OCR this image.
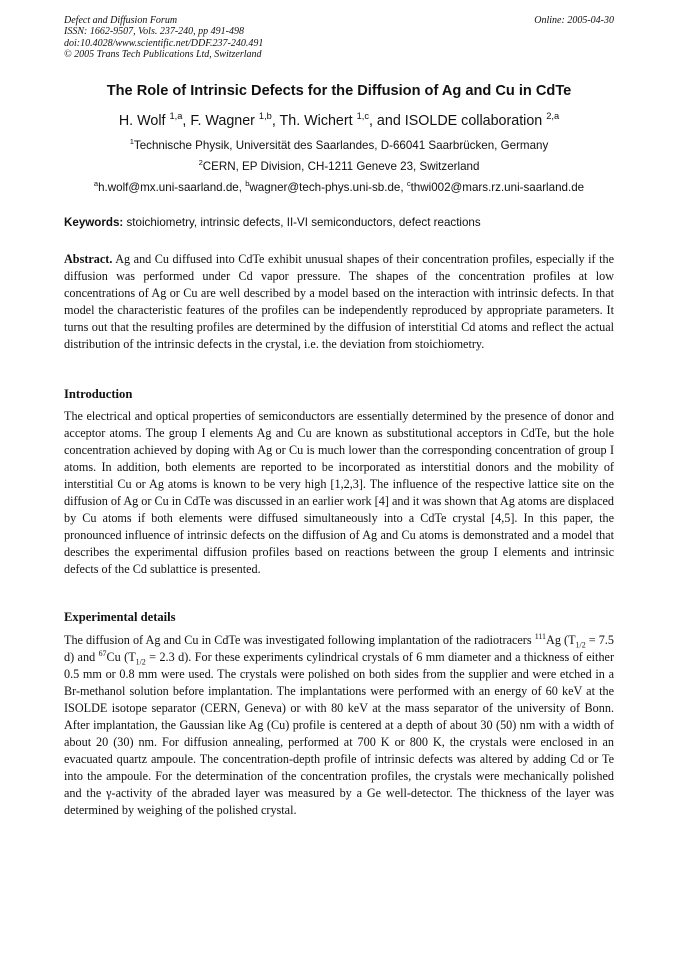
Defect and Diffusion Forum
ISSN: 1662-9507, Vols. 237-240, pp 491-498
doi:10.4028/www.scientific.net/DDF.237-240.491
© 2005 Trans Tech Publications Ltd, Switzerland
Online: 2005-04-30
The Role of Intrinsic Defects for the Diffusion of Ag and Cu in CdTe
H. Wolf $^{1,a}$, F. Wagner $^{1,b}$, Th. Wichert $^{1,c}$, and ISOLDE collaboration $^{2,a}$
$^1$Technische Physik, Universität des Saarlandes, D-66041 Saarbrücken, Germany
$^2$CERN, EP Division, CH-1211 Geneve 23, Switzerland
$^a$h.wolf@mx.uni-saarland.de, $^b$wagner@tech-phys.uni-sb.de, $^c$thwi002@mars.rz.uni-saarland.de
Keywords: stoichiometry, intrinsic defects, II-VI semiconductors, defect reactions

Abstract. Ag and Cu diffused into CdTe exhibit unusual shapes of their concentration profiles, especially if the diffusion was performed under Cd vapor pressure. The shapes of the concentration profiles at low concentrations of Ag or Cu are well described by a model based on the interaction with intrinsic defects. In that model the characteristic features of the profiles can be independently reproduced by appropriate parameters. It turns out that the resulting profiles are determined by the diffusion of interstitial Cd atoms and reflect the actual distribution of the intrinsic defects in the crystal, i.e. the deviation from stoichiometry.

Introduction

The electrical and optical properties of semiconductors are essentially determined by the presence of donor and acceptor atoms. The group I elements Ag and Cu are known as substitutional acceptors in CdTe, but the hole concentration achieved by doping with Ag or Cu is much lower than the corresponding concentration of group I atoms. In addition, both elements are reported to be incorporated as interstitial donors and the mobility of interstitial Cu or Ag atoms is known to be very high [1,2,3]. The influence of the respective lattice site on the diffusion of Ag or Cu in CdTe was discussed in an earlier work [4] and it was shown that Ag atoms are displaced by Cu atoms if both elements were diffused simultaneously into a CdTe crystal [4,5]. In this paper, the pronounced influence of intrinsic defects on the diffusion of Ag and Cu atoms is demonstrated and a model that describes the experimental diffusion profiles based on reactions between the group I elements and intrinsic defects of the Cd sublattice is presented.

Experimental details

The diffusion of Ag and Cu in CdTe was investigated following implantation of the radiotracers $^{111}$Ag ($T_{1/2} = 7.5$ d) and $^{67}$Cu ($T_{1/2} = 2.3$ d). For these experiments cylindrical crystals of 6 mm diameter and a thickness of either 0.5 mm or 0.8 mm were used. The crystals were polished on both sides from the supplier and were etched in a Br-methanol solution before implantation. The implantations were performed with an energy of 60 keV at the ISOLDE isotope separator (CERN, Geneva) or with 80 keV at the mass separator of the university of Bonn. After implantation, the Gaussian like Ag (Cu) profile is centered at a depth of about 30 (50) nm with a width of about 20 (30) nm. For diffusion annealing, performed at 700 K or 800 K, the crystals were enclosed in an evacuated quartz ampoule. The concentration-depth profile of intrinsic defects was altered by adding Cd or Te into the ampoule. For the determination of the concentration profiles, the crystals were mechanically polished and the γ-activity of the abraded layer was measured by a Ge well-detector. The thickness of the layer was determined by weighing of the polished crystal.
